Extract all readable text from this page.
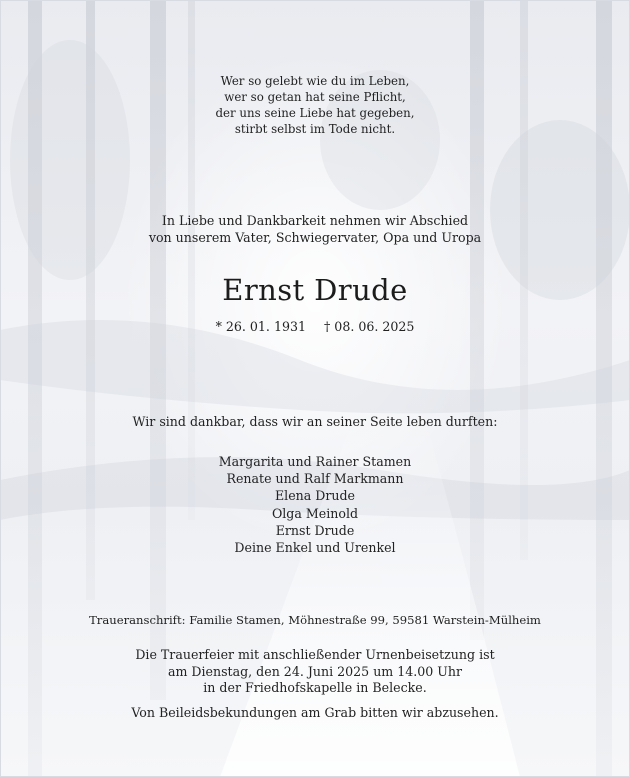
Wer so gelebt wie du im Leben,
wer so getan hat seine Pflicht,
der uns seine Liebe hat gegeben,
stirbt selbst im Tode nicht.
In Liebe und Dankbarkeit nehmen wir Abschied
von unserem Vater, Schwiegervater, Opa und Uropa
Ernst Drude
* 26. 01. 1931 † 08. 06. 2025
Wir sind dankbar, dass wir an seiner Seite leben durften:
Margarita und Rainer Stamen
Renate und Ralf Markmann
Elena Drude
Olga Meinold
Ernst Drude
Deine Enkel und Urenkel
Traueranschrift: Familie Stamen, Möhnestraße 99, 59581 Warstein-Mülheim
Die Trauerfeier mit anschließender Urnenbeisetzung ist
am Dienstag, den 24. Juni 2025 um 14.00 Uhr
in der Friedhofskapelle in Belecke.
Von Beileidsbekundungen am Grab bitten wir abzusehen.
